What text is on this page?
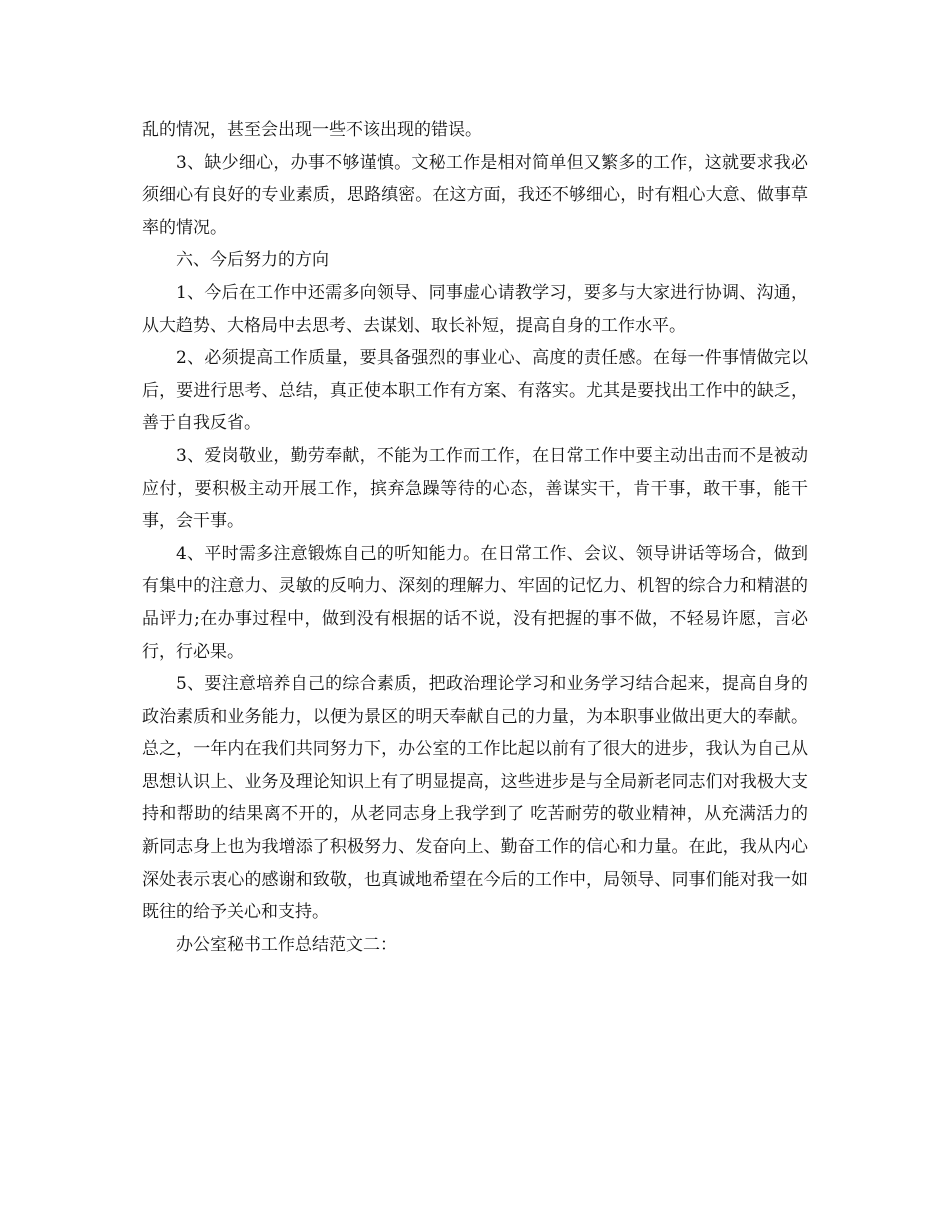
乱的情况，甚至会出现一些不该出现的错误。

3、缺少细心，办事不够谨慎。文秘工作是相对简单但又繁多的工作，这就要求我必须细心有良好的专业素质，思路缜密。在这方面，我还不够细心，时有粗心大意、做事草率的情况。

六、今后努力的方向

1、今后在工作中还需多向领导、同事虚心请教学习，要多与大家进行协调、沟通，从大趋势、大格局中去思考、去谋划、取长补短，提高自身的工作水平。

2、必须提高工作质量，要具备强烈的事业心、高度的责任感。在每一件事情做完以后，要进行思考、总结，真正使本职工作有方案、有落实。尤其是要找出工作中的缺乏，善于自我反省。

3、爱岗敬业，勤劳奉献，不能为工作而工作，在日常工作中要主动出击而不是被动应付，要积极主动开展工作，摈弃急躁等待的心态，善谋实干，肯干事，敢干事，能干事，会干事。

4、平时需多注意锻炼自己的听知能力。在日常工作、会议、领导讲话等场合，做到有集中的注意力、灵敏的反响力、深刻的理解力、牢固的记忆力、机智的综合力和精湛的品评力;在办事过程中，做到没有根据的话不说，没有把握的事不做，不轻易许愿，言必行，行必果。

5、要注意培养自己的综合素质，把政治理论学习和业务学习结合起来，提高自身的政治素质和业务能力，以便为景区的明天奉献自己的力量，为本职事业做出更大的奉献。 总之，一年内在我们共同努力下，办公室的工作比起以前有了很大的进步，我认为自己从思想认识上、业务及理论知识上有了明显提高，这些进步是与全局新老同志们对我极大支持和帮助的结果离不开的，从老同志身上我学到了 吃苦耐劳的敬业精神，从充满活力的新同志身上也为我增添了积极努力、发奋向上、勤奋工作的信心和力量。在此，我从内心深处表示衷心的感谢和致敬，也真诚地希望在今后的工作中，局领导、同事们能对我一如既往的给予关心和支持。

办公室秘书工作总结范文二：
